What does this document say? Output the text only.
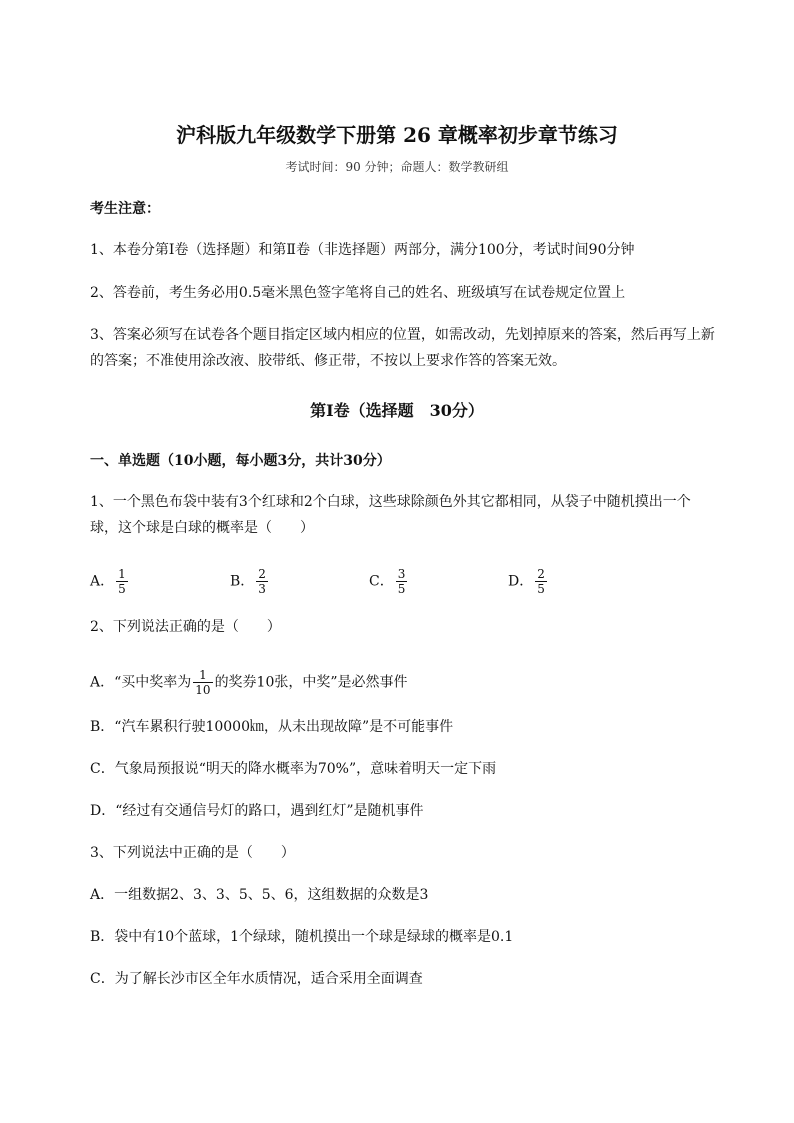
沪科版九年级数学下册第 26 章概率初步章节练习
考试时间：90 分钟；命题人：数学教研组
考生注意：
1、本卷分第I卷（选择题）和第Ⅱ卷（非选择题）两部分，满分100分，考试时间90分钟
2、答卷前，考生务必用0.5毫米黑色签字笔将自己的姓名、班级填写在试卷规定位置上
3、答案必须写在试卷各个题目指定区域内相应的位置，如需改动，先划掉原来的答案，然后再写上新
的答案；不准使用涂改液、胶带纸、修正带，不按以上要求作答的答案无效。
第I卷（选择题　30分）
一、单选题（10小题，每小题3分，共计30分）
1、一个黑色布袋中装有3个红球和2个白球，这些球除颜色外其它都相同，从袋子中随机摸出一个
球，这个球是白球的概率是（　　）
A． $\frac{1}{5}$	B． $\frac{2}{3}$	C． $\frac{3}{5}$	D． $\frac{2}{5}$
2、下列说法正确的是（　　）
A．“买中奖率为 $\frac{1}{10}$ 的奖券10张，中奖”是必然事件
B．“汽车累积行驶10000㎞，从未出现故障”是不可能事件
C．气象局预报说“明天的降水概率为70%”，意味着明天一定下雨
D．“经过有交通信号灯的路口，遇到红灯”是随机事件
3、下列说法中正确的是（　　）
A．一组数据2、3、3、5、5、6，这组数据的众数是3
B．袋中有10个蓝球，1个绿球，随机摸出一个球是绿球的概率是0.1
C．为了解长沙市区全年水质情况，适合采用全面调查
